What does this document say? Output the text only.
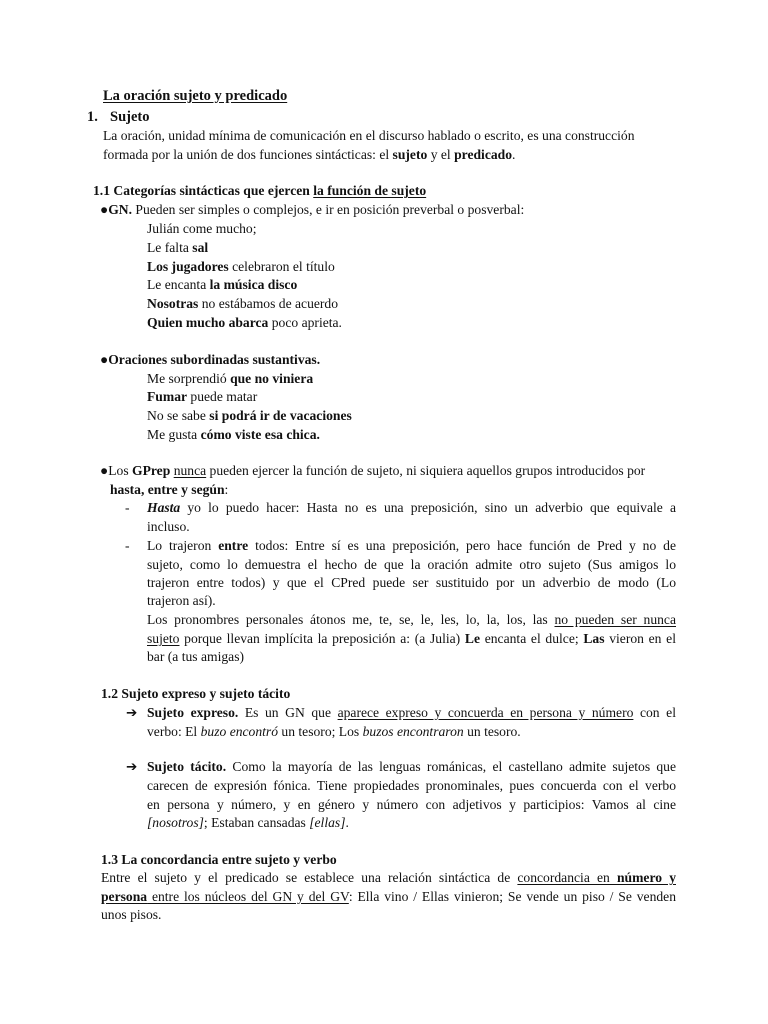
La oración sujeto y predicado
1. Sujeto
La oración, unidad mínima de comunicación en el discurso hablado o escrito, es una construcción
formada por la unión de dos funciones sintácticas: el sujeto y el predicado.
1.1 Categorías sintácticas que ejercen la función de sujeto
●GN. Pueden ser simples o complejos, e ir en posición preverbal o posverbal:
Julián come mucho;
Le falta sal
Los jugadores celebraron el título
Le encanta la música disco
Nosotras no estábamos de acuerdo
Quien mucho abarca poco aprieta.
●Oraciones subordinadas sustantivas.
Me sorprendió que no viniera
Fumar puede matar
No se sabe si podrá ir de vacaciones
Me gusta cómo viste esa chica.
●Los GPrep nunca pueden ejercer la función de sujeto, ni siquiera aquellos grupos introducidos por
hasta, entre y según:
- Hasta yo lo puedo hacer: Hasta no es una preposición, sino un adverbio que equivale a
incluso.
- Lo trajeron entre todos: Entre sí es una preposición, pero hace función de Pred y no de
sujeto, como lo demuestra el hecho de que la oración admite otro sujeto (Sus amigos lo
trajeron entre todos) y que el CPred puede ser sustituido por un adverbio de modo (Lo
trajeron así).
Los pronombres personales átonos me, te, se, le, les, lo, la, los, las no pueden ser nunca
sujeto porque llevan implícita la preposición a: (a Julia) Le encanta el dulce; Las vieron en el
bar (a tus amigas)
1.2 Sujeto expreso y sujeto tácito
➔ Sujeto expreso. Es un GN que aparece expreso y concuerda en persona y número con el
verbo: El buzo encontró un tesoro; Los buzos encontraron un tesoro.
➔ Sujeto tácito. Como la mayoría de las lenguas románicas, el castellano admite sujetos que
carecen de expresión fónica. Tiene propiedades pronominales, pues concuerda con el verbo
en persona y número, y en género y número con adjetivos y participios: Vamos al cine
[nosotros]; Estaban cansadas [ellas].
1.3 La concordancia entre sujeto y verbo
Entre el sujeto y el predicado se establece una relación sintáctica de concordancia en número y
persona entre los núcleos del GN y del GV: Ella vino / Ellas vinieron; Se vende un piso / Se venden
unos pisos.
